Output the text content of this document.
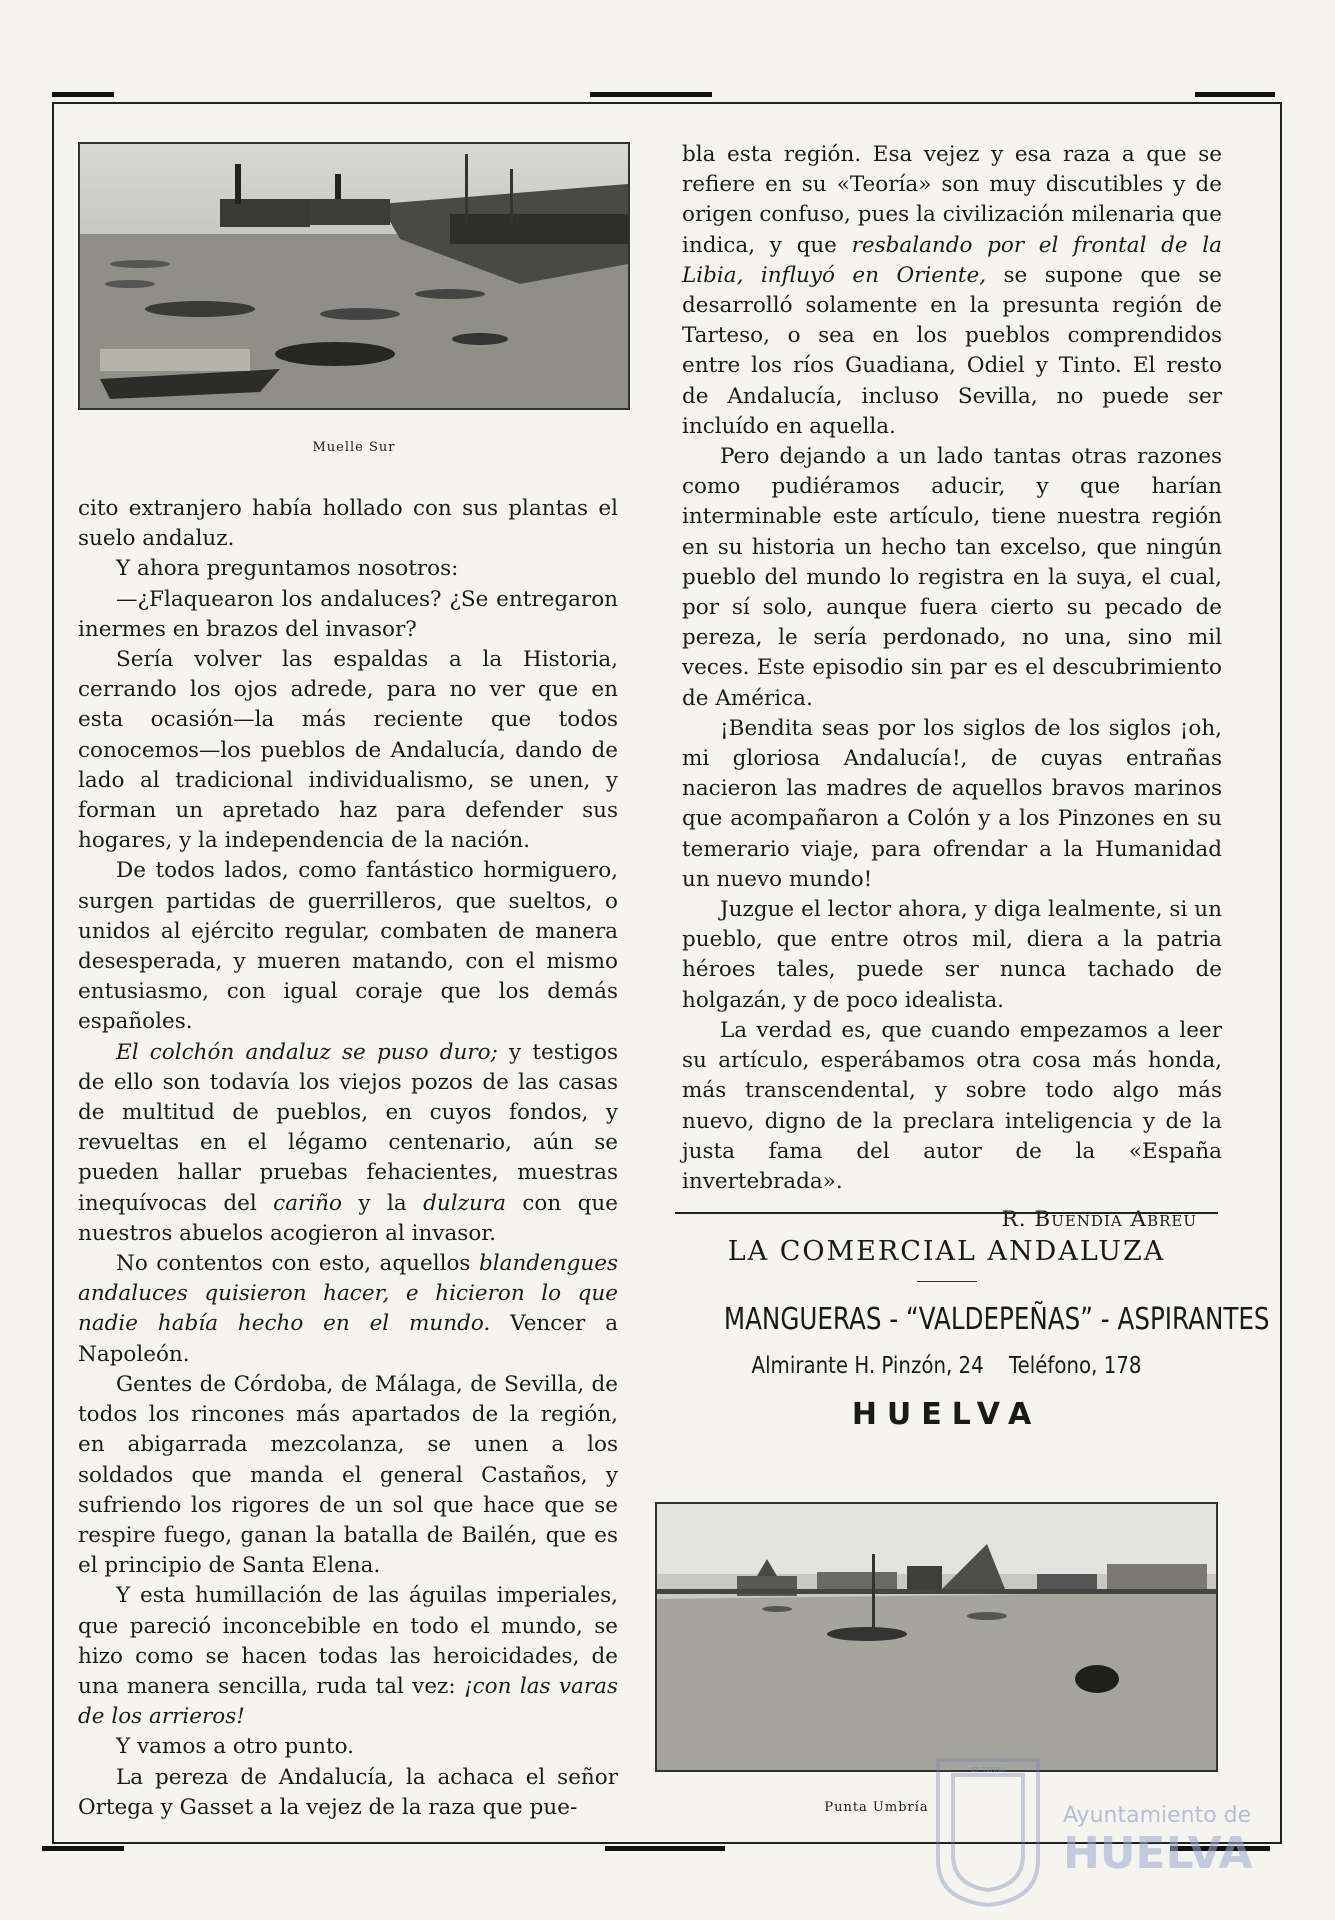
Muelle Sur

cito extranjero había hollado con sus plantas el suelo andaluz.

Y ahora preguntamos nosotros:

—¿Flaquearon los andaluces? ¿Se entregaron inermes en brazos del invasor?

Sería volver las espaldas a la Historia, cerrando los ojos adrede, para no ver que en esta ocasión—la más reciente que todos conocemos—los pueblos de Andalucía, dando de lado al tradicional individualismo, se unen, y forman un apretado haz para defender sus hogares, y la independencia de la nación.

De todos lados, como fantástico hormiguero, surgen partidas de guerrilleros, que sueltos, o unidos al ejército regular, combaten de manera desesperada, y mueren matando, con el mismo entusiasmo, con igual coraje que los demás españoles.

El colchón andaluz se puso duro; y testigos de ello son todavía los viejos pozos de las casas de multitud de pueblos, en cuyos fondos, y revueltas en el légamo centenario, aún se pueden hallar pruebas fehacientes, muestras inequívocas del cariño y la dulzura con que nuestros abuelos acogieron al invasor.

No contentos con esto, aquellos blandengues andaluces quisieron hacer, e hicieron lo que nadie había hecho en el mundo. Vencer a Napoleón.

Gentes de Córdoba, de Málaga, de Sevilla, de todos los rincones más apartados de la región, en abigarrada mezcolanza, se unen a los soldados que manda el general Castaños, y sufriendo los rigores de un sol que hace que se respire fuego, ganan la batalla de Bailén, que es el principio de Santa Elena.

Y esta humillación de las águilas imperiales, que pareció inconcebible en todo el mundo, se hizo como se hacen todas las heroicidades, de una manera sencilla, ruda tal vez: ¡con las varas de los arrieros!

Y vamos a otro punto.

La pereza de Andalucía, la achaca el señor Ortega y Gasset a la vejez de la raza que pue-

bla esta región. Esa vejez y esa raza a que se refiere en su «Teoría» son muy discutibles y de origen confuso, pues la civilización milenaria que indica, y que resbalando por el frontal de la Libia, influyó en Oriente, se supone que se desarrolló solamente en la presunta región de Tarteso, o sea en los pueblos comprendidos entre los ríos Guadiana, Odiel y Tinto. El resto de Andalucía, incluso Sevilla, no puede ser incluído en aquella.

Pero dejando a un lado tantas otras razones como pudiéramos aducir, y que harían interminable este artículo, tiene nuestra región en su historia un hecho tan excelso, que ningún pueblo del mundo lo registra en la suya, el cual, por sí solo, aunque fuera cierto su pecado de pereza, le sería perdonado, no una, sino mil veces. Este episodio sin par es el descubrimiento de América.

¡Bendita seas por los siglos de los siglos ¡oh, mi gloriosa Andalucía!, de cuyas entrañas nacieron las madres de aquellos bravos marinos que acompañaron a Colón y a los Pinzones en su temerario viaje, para ofrendar a la Humanidad un nuevo mundo!

Juzgue el lector ahora, y diga lealmente, si un pueblo, que entre otros mil, diera a la patria héroes tales, puede ser nunca tachado de holgazán, y de poco idealista.

La verdad es, que cuando empezamos a leer su artículo, esperábamos otra cosa más honda, más transcendental, y sobre todo algo más nuevo, digno de la preclara inteligencia y de la justa fama del autor de la «España invertebrada».

R. Buendía Abreu

LA COMERCIAL ANDALUZA
MANGUERAS - “VALDEPEÑAS” - ASPIRANTES
Almirante H. Pinzón, 24 Teléfono, 178
HUELVA
Punta Umbría
ET TERRA
Ayuntamiento de
HUELVA
